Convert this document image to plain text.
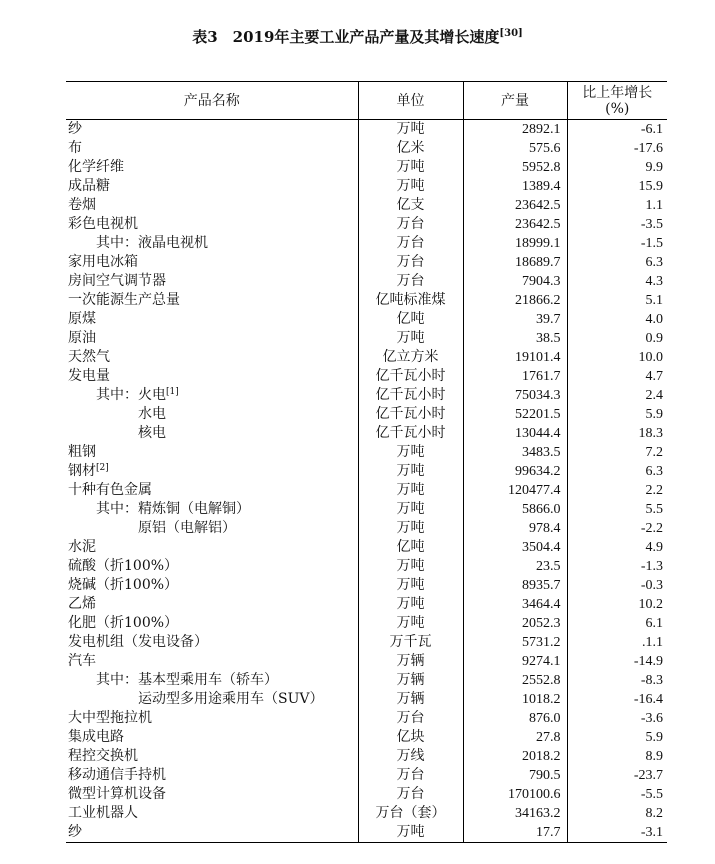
表3　2019年主要工业产品产量及其增长速度[30]
产品名称	单位	产量	比上年增长
(%)

纱	万吨	2892.1	-6.1
布	亿米	575.6	-17.6
化学纤维	万吨	5952.8	9.9
成品糖	万吨	1389.4	15.9
卷烟	亿支	23642.5	1.1
彩色电视机	万台	23642.5	-3.5
其中：液晶电视机	万台	18999.1	-1.5
家用电冰箱	万台	18689.7	6.3
房间空气调节器	万台	7904.3	4.3
一次能源生产总量	亿吨标准煤	21866.2	5.1
原煤	亿吨	39.7	4.0
原油	万吨	38.5	0.9
天然气	亿立方米	19101.4	10.0
发电量	亿千瓦小时	1761.7	4.7
其中：火电[1]	亿千瓦小时	75034.3	2.4
水电	亿千瓦小时	52201.5	5.9
核电	亿千瓦小时	13044.4	18.3
粗钢	万吨	3483.5	7.2
钢材[2]	万吨	99634.2	6.3
十种有色金属	万吨	120477.4	2.2
其中：精炼铜（电解铜）	万吨	5866.0	5.5
原铝（电解铝）	万吨	978.4	-2.2
水泥	亿吨	3504.4	4.9
硫酸（折100%）	万吨	23.5	-1.3
烧碱（折100%）	万吨	8935.7	-0.3
乙烯	万吨	3464.4	10.2
化肥（折100%）	万吨	2052.3	6.1
发电机组（发电设备）	万千瓦	5731.2	.1.1
汽车	万辆	9274.1	-14.9
其中：基本型乘用车（轿车）	万辆	2552.8	-8.3
运动型多用途乘用车（SUV）	万辆	1018.2	-16.4
大中型拖拉机	万台	876.0	-3.6
集成电路	亿块	27.8	5.9
程控交换机	万线	2018.2	8.9
移动通信手持机	万台	790.5	-23.7
微型计算机设备	万台	170100.6	-5.5
工业机器人	万台（套）	34163.2	8.2
纱	万吨	17.7	-3.1
